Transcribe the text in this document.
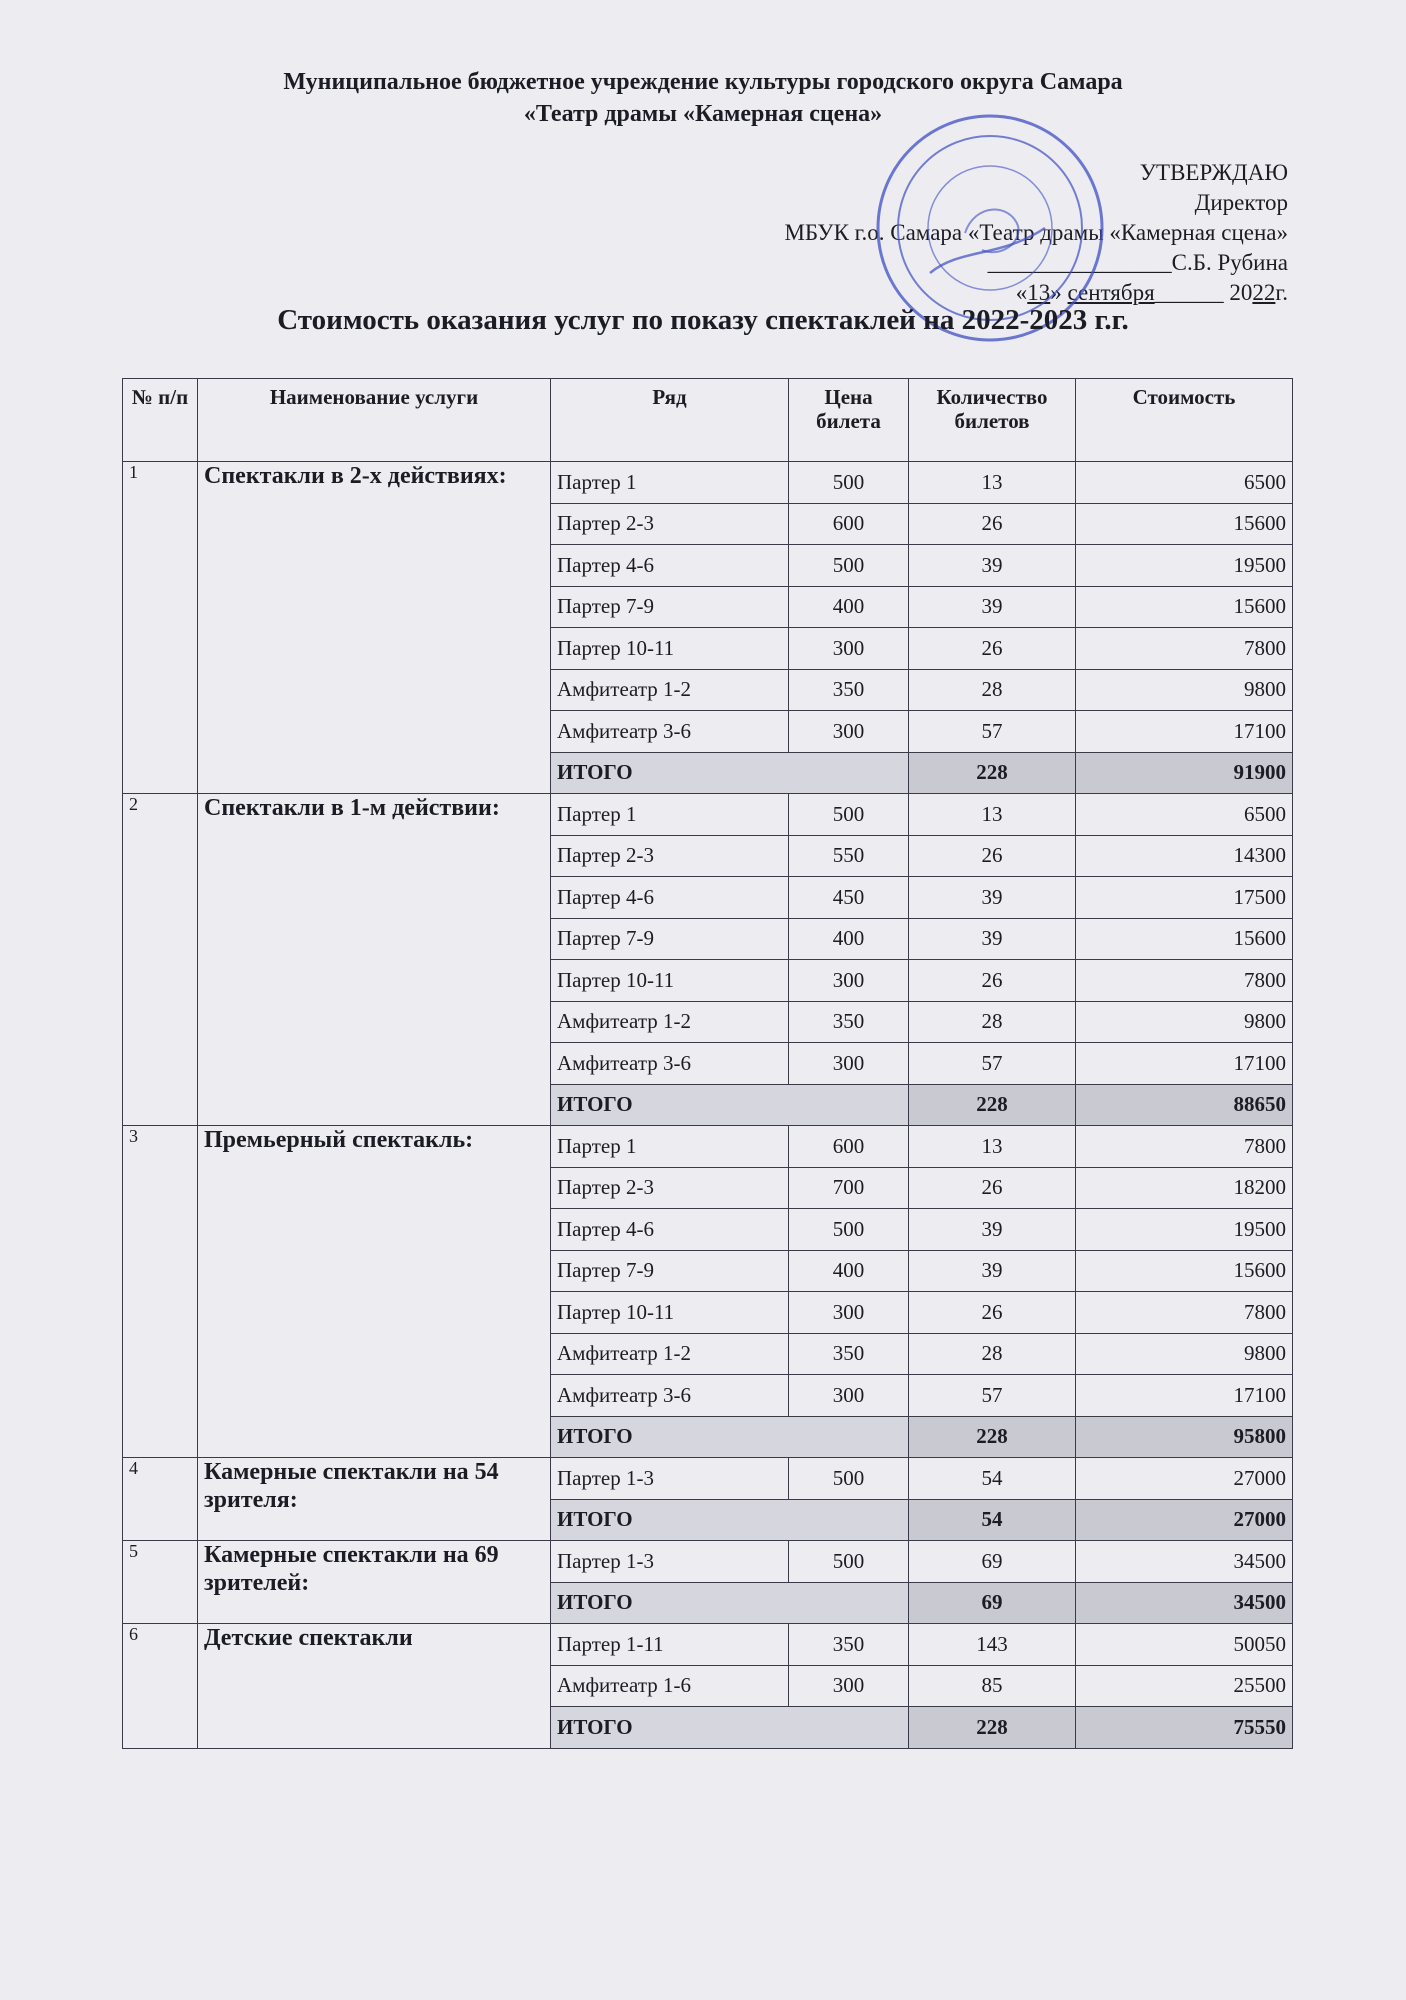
Муниципальное бюджетное учреждение культуры городского округа Самара
«Театр драмы «Камерная сцена»
УТВЕРЖДАЮ
Директор
МБУК г.о. Самара «Театр драмы «Камерная сцена»
________________С.Б. Рубина
«13» сентября______ 2022г.
Стоимость оказания услуг по показу спектаклей на 2022-2023 г.г.
№ п/п	Наименование услуги	Ряд	Цена билета	Количество билетов	Стоимость
1	Спектакли в 2-х действиях:	Партер 1	500	13	6500
		Партер 2-3	600	26	15600
		Партер 4-6	500	39	19500
		Партер 7-9	400	39	15600
		Партер 10-11	300	26	7800
		Амфитеатр 1-2	350	28	9800
		Амфитеатр 3-6	300	57	17100
		ИТОГО		228	91900
2	Спектакли в 1-м действии:	Партер 1	500	13	6500
		Партер 2-3	550	26	14300
		Партер 4-6	450	39	17500
		Партер 7-9	400	39	15600
		Партер 10-11	300	26	7800
		Амфитеатр 1-2	350	28	9800
		Амфитеатр 3-6	300	57	17100
		ИТОГО		228	88650
3	Премьерный спектакль:	Партер 1	600	13	7800
		Партер 2-3	700	26	18200
		Партер 4-6	500	39	19500
		Партер 7-9	400	39	15600
		Партер 10-11	300	26	7800
		Амфитеатр 1-2	350	28	9800
		Амфитеатр 3-6	300	57	17100
		ИТОГО		228	95800
4	Камерные спектакли на 54 зрителя:	Партер 1-3	500	54	27000
		ИТОГО		54	27000
5	Камерные спектакли на 69 зрителей:	Партер 1-3	500	69	34500
		ИТОГО		69	34500
6	Детские спектакли	Партер 1-11	350	143	50050
		Амфитеатр 1-6	300	85	25500
		ИТОГО		228	75550
